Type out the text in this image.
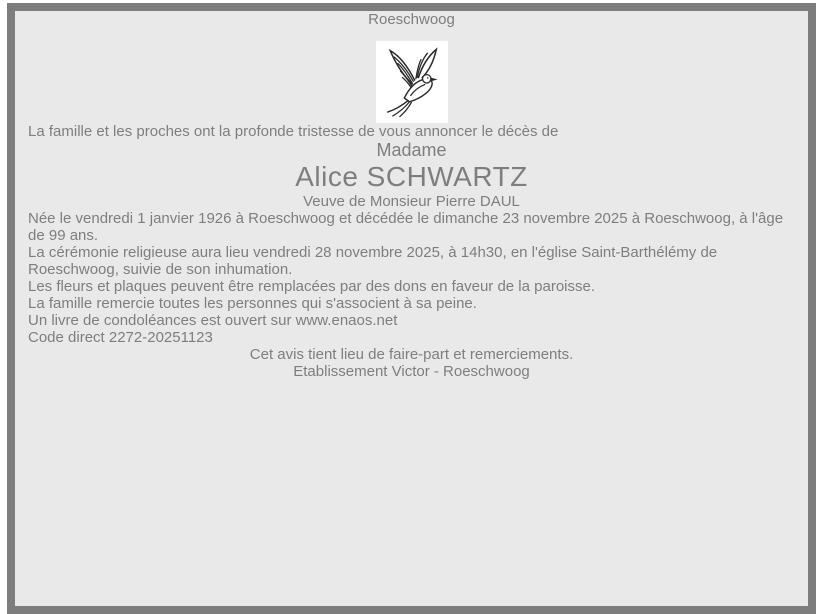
Roeschwoog

La famille et les proches ont la profonde tristesse de vous annoncer le décès de

Madame

Alice SCHWARTZ

Veuve de Monsieur Pierre DAUL

Née le vendredi 1 janvier 1926 à Roeschwoog et décédée le dimanche 23 novembre 2025 à Roeschwoog, à l'âge de 99 ans.

La cérémonie religieuse aura lieu vendredi 28 novembre 2025, à 14h30, en l'église Saint-Barthélémy de Roeschwoog, suivie de son inhumation.

Les fleurs et plaques peuvent être remplacées par des dons en faveur de la paroisse.

La famille remercie toutes les personnes qui s'associent à sa peine.

Un livre de condoléances est ouvert sur www.enaos.net

Code direct 2272-20251123

Cet avis tient lieu de faire-part et remerciements.

Etablissement Victor - Roeschwoog
